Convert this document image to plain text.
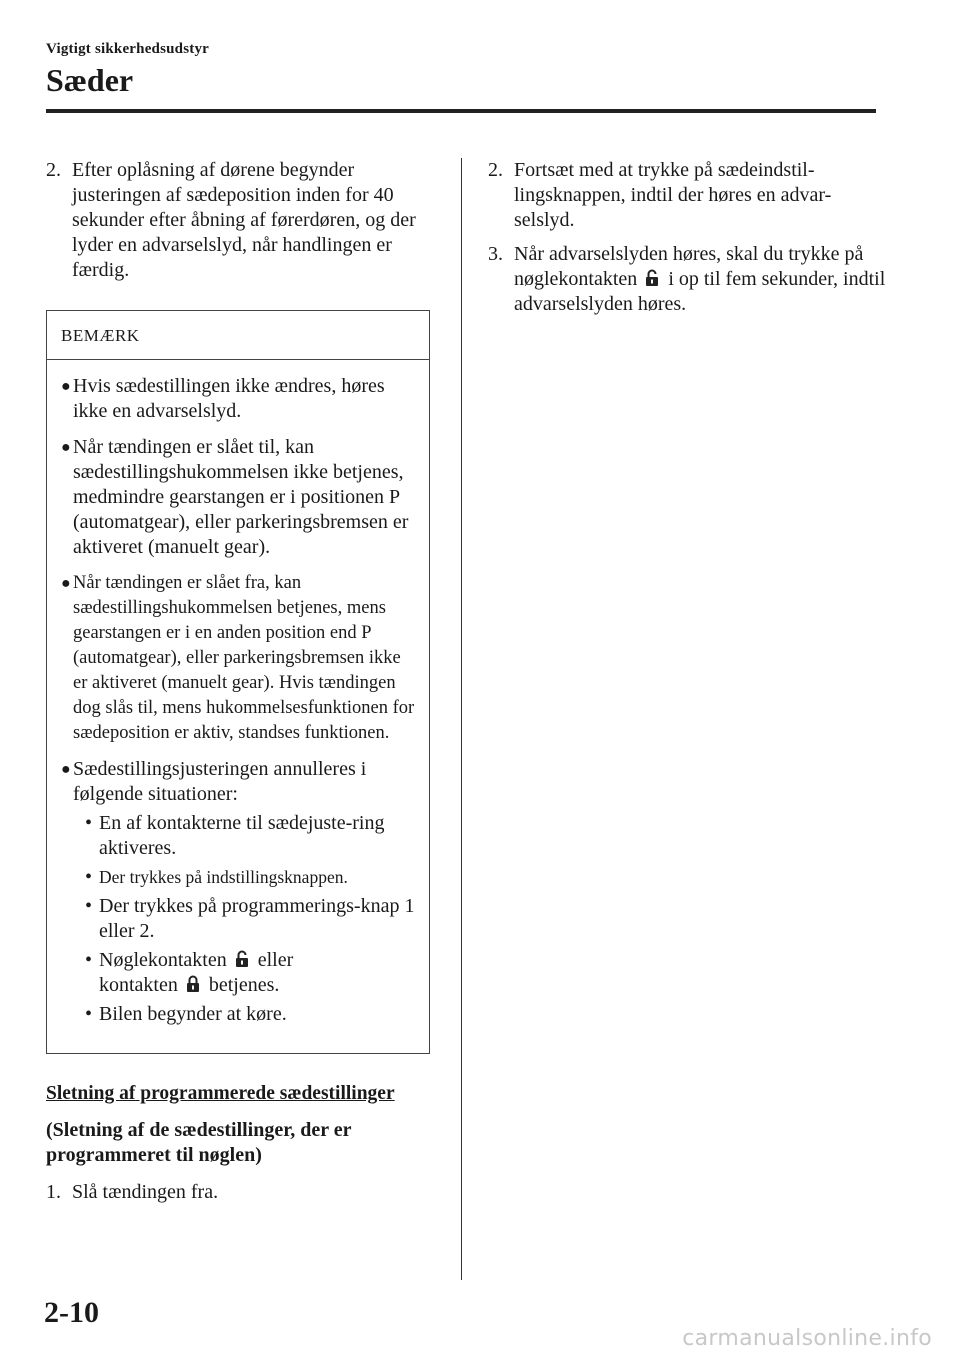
Vigtigt sikkerhedsudstyr
Sæder
2. Efter oplåsning af dørene begynder justeringen af sædeposition inden for 40 sekunder efter åbning af førerdøren, og der lyder en advarselslyd, når handlingen er færdig.
BEMÆRK
● Hvis sædestillingen ikke ændres, høres ikke en advarselslyd.
● Når tændingen er slået til, kan sædestillingshukommelsen ikke betjenes, medmindre gearstangen er i positionen P (automatgear), eller parkeringsbremsen er aktiveret (manuelt gear).
● Når tændingen er slået fra, kan sædestillingshukommelsen betjenes, mens gearstangen er i en anden position end P (automatgear), eller parkeringsbremsen ikke er aktiveret (manuelt gear). Hvis tændingen dog slås til, mens hukommelsesfunktionen for sædeposition er aktiv, standses funktionen.
● Sædestillingsjusteringen annulleres i følgende situationer:
• En af kontakterne til sædejuste-ring aktiveres.
• Der trykkes på indstillingsknappen.
• Der trykkes på programmerings-knap 1 eller 2.
• Nøglekontakten eller
kontakten betjenes.
• Bilen begynder at køre.
Sletning af programmerede sædestillinger
(Sletning af de sædestillinger, der er programmeret til nøglen)
1. Slå tændingen fra.
2. Fortsæt med at trykke på sædeindstil-lingsknappen, indtil der høres en advar-selslyd.
3. Når advarselslyden høres, skal du trykke på nøglekontakten i op til fem sekunder, indtil advarselslyden høres.
2-10
carmanualsonline.info
